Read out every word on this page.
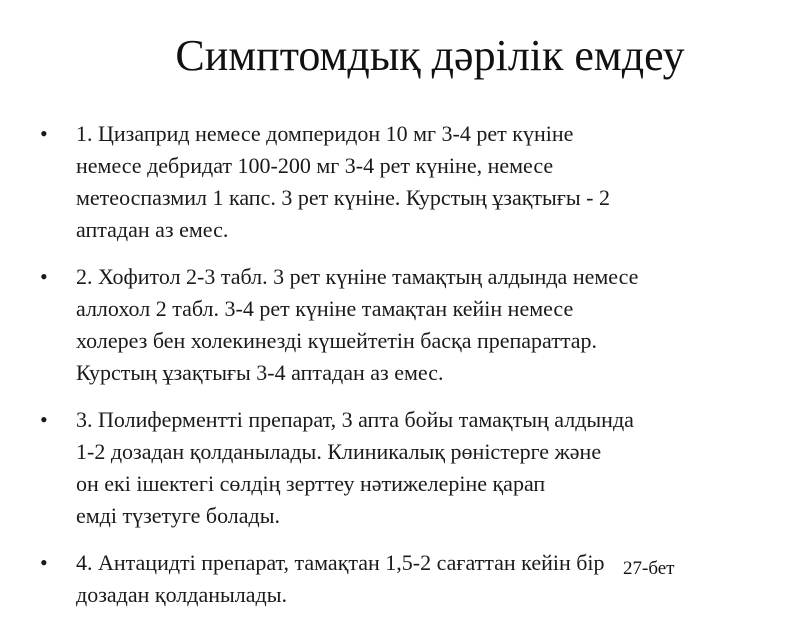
Симптомдық дәрілік емдеу
• 1. Цизаприд немесе домперидон 10 мг 3-4 рет күніне
немесе дебридат 100-200 мг 3-4 рет күніне, немесе
метеоспазмил 1 капс. 3 рет күніне. Курстың ұзақтығы - 2
аптадан аз емес.
• 2. Хофитол 2-3 табл. 3 рет күніне тамақтың алдында немесе
аллохол 2 табл. 3-4 рет күніне тамақтан кейін немесе
холерез бен холекинезді күшейтетін басқа препараттар.
Курстың ұзақтығы 3-4 аптадан аз емес.
• 3. Полиферментті препарат, 3 апта бойы тамақтың алдында
1-2 дозадан қолданылады. Клиникалық рөністерге және
он екі ішектегі сөлдің зерттеу нәтижелеріне қарап
емді түзетуге болады.
• 4. Антацидті препарат, тамақтан 1,5-2 сағаттан кейін бір
дозадан қолданылады.
27-бет
